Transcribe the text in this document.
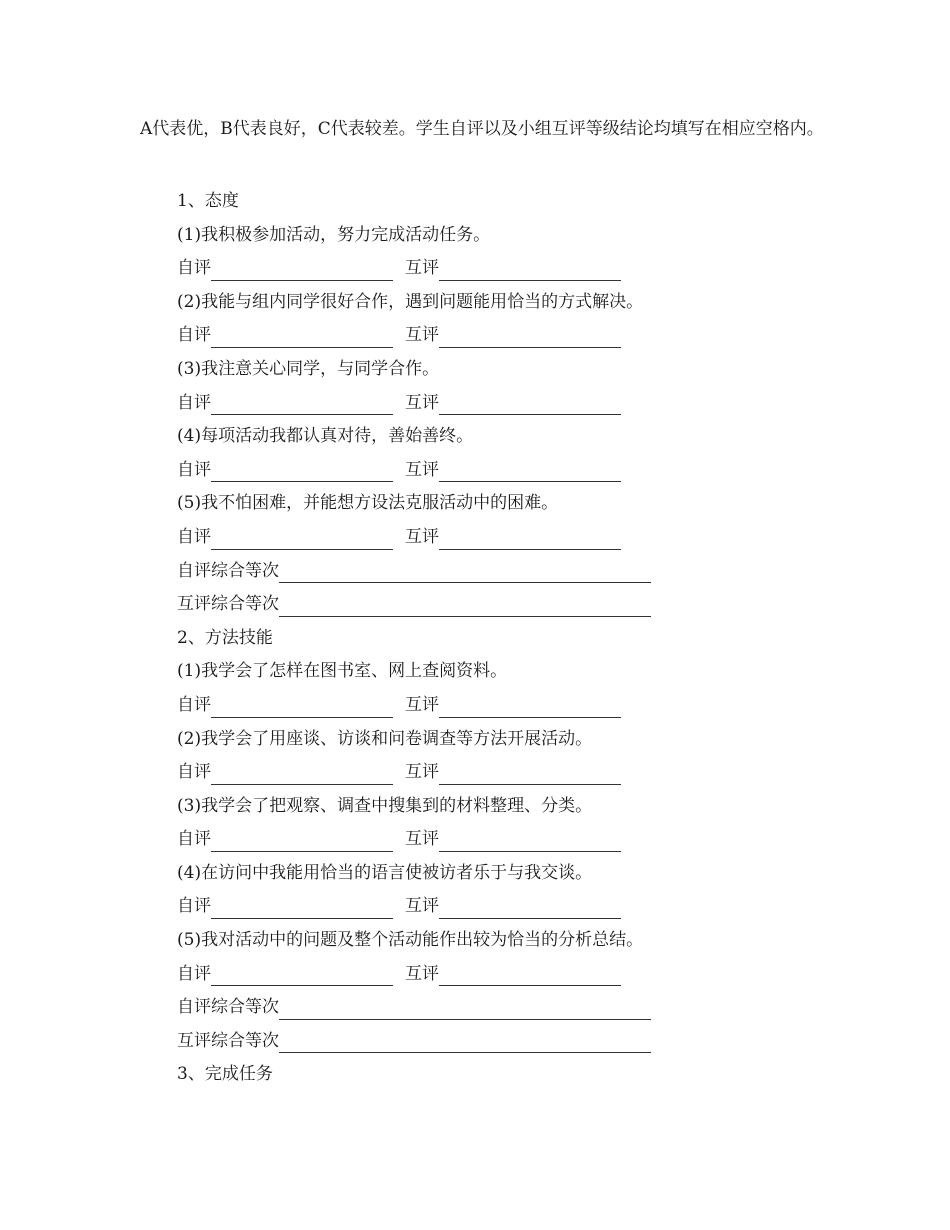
A代表优，B代表良好，C代表较差。学生自评以及小组互评等级结论均填写在相应空格内。

1、态度
(1)我积极参加活动，努力完成活动任务。
自评	互评
(2)我能与组内同学很好合作，遇到问题能用恰当的方式解决。
自评	互评
(3)我注意关心同学，与同学合作。
自评	互评
(4)每项活动我都认真对待，善始善终。
自评	互评
(5)我不怕困难，并能想方设法克服活动中的困难。
自评	互评
自评综合等次
互评综合等次
2、方法技能
(1)我学会了怎样在图书室、网上查阅资料。
自评	互评
(2)我学会了用座谈、访谈和问卷调查等方法开展活动。
自评	互评
(3)我学会了把观察、调查中搜集到的材料整理、分类。
自评	互评
(4)在访问中我能用恰当的语言使被访者乐于与我交谈。
自评	互评
(5)我对活动中的问题及整个活动能作出较为恰当的分析总结。
自评	互评
自评综合等次
互评综合等次
3、完成任务
